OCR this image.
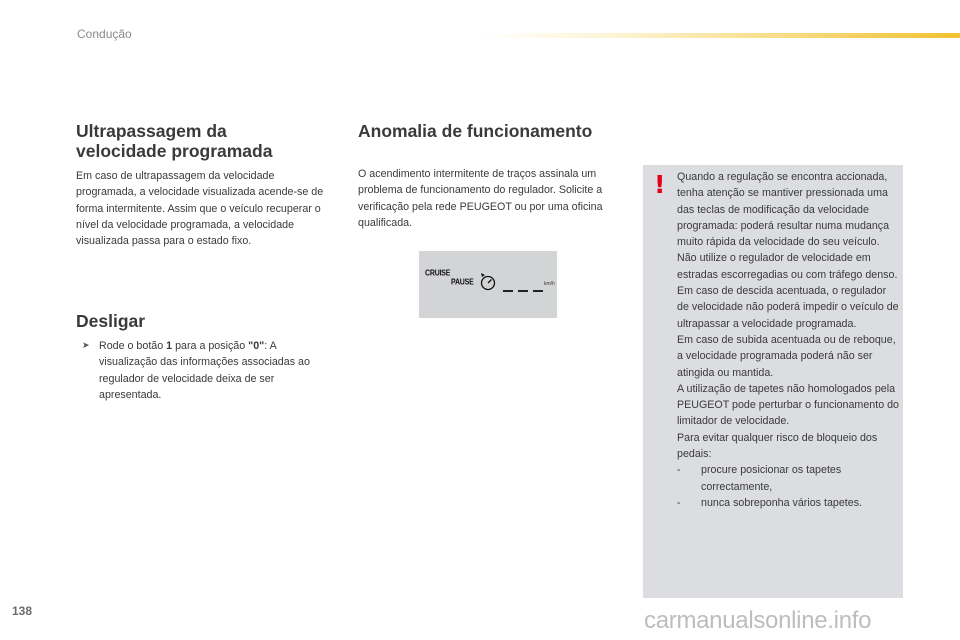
Condução
Ultrapassagem da
velocidade programada

Em caso de ultrapassagem da velocidade programada, a velocidade visualizada acende-se de forma intermitente. Assim que o veículo recuperar o nível da velocidade programada, a velocidade visualizada passa para o estado fixo.

Desligar
➤ Rode o botão 1 para a posição "0": A visualização das informações associadas ao regulador de velocidade deixa de ser apresentada.

Anomalia de funcionamento

O acendimento intermitente de traços assinala um problema de funcionamento do regulador. Solicite a verificação pela rede PEUGEOT ou por uma oficina qualificada.

CRUISE
PAUSE	km/h
! Quando a regulação se encontra accionada, tenha atenção se mantiver pressionada uma das teclas de modificação da velocidade programada: poderá resultar numa mudança muito rápida da velocidade do seu veículo.

Não utilize o regulador de velocidade em estradas escorregadias ou com tráfego denso.

Em caso de descida acentuada, o regulador de velocidade não poderá impedir o veículo de ultrapassar a velocidade programada.

Em caso de subida acentuada ou de reboque, a velocidade programada poderá não ser atingida ou mantida.

A utilização de tapetes não homologados pela PEUGEOT pode perturbar o funcionamento do limitador de velocidade.

Para evitar qualquer risco de bloqueio dos pedais:

- procure posicionar os tapetes correctamente,
- nunca sobreponha vários tapetes.
138	carmanualsonline.info
